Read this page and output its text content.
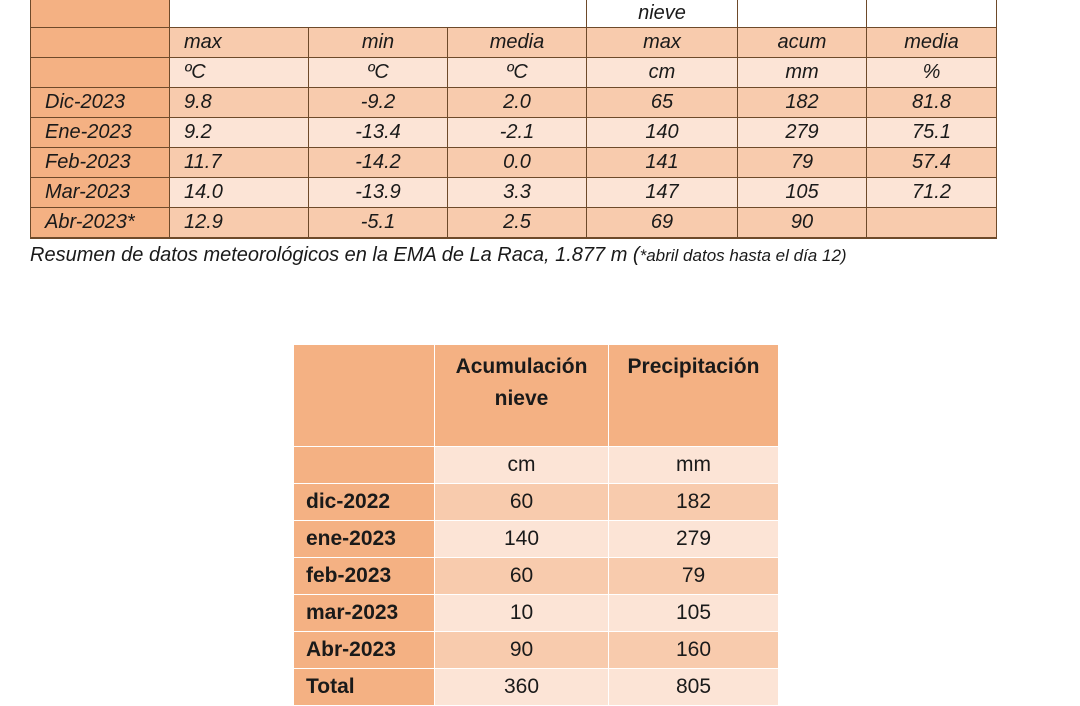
				nieve		
	max	min	media	max	acum	media
	ºC	ºC	ºC	cm	mm	%
Dic-2023	9.8	-9.2	2.0	65	182	81.8
Ene-2023	9.2	-13.4	-2.1	140	279	75.1
Feb-2023	11.7	-14.2	0.0	141	79	57.4
Mar-2023	14.0	-13.9	3.3	147	105	71.2
Abr-2023*	12.9	-5.1	2.5	69	90	
Resumen de datos meteorológicos en la EMA de La Raca, 1.877 m (*abril datos hasta el día 12)
	Acumulación nieve	Precipitación
	cm	mm
dic-2022	60	182
ene-2023	140	279
feb-2023	60	79
mar-2023	10	105
Abr-2023	90	160
Total	360	805
